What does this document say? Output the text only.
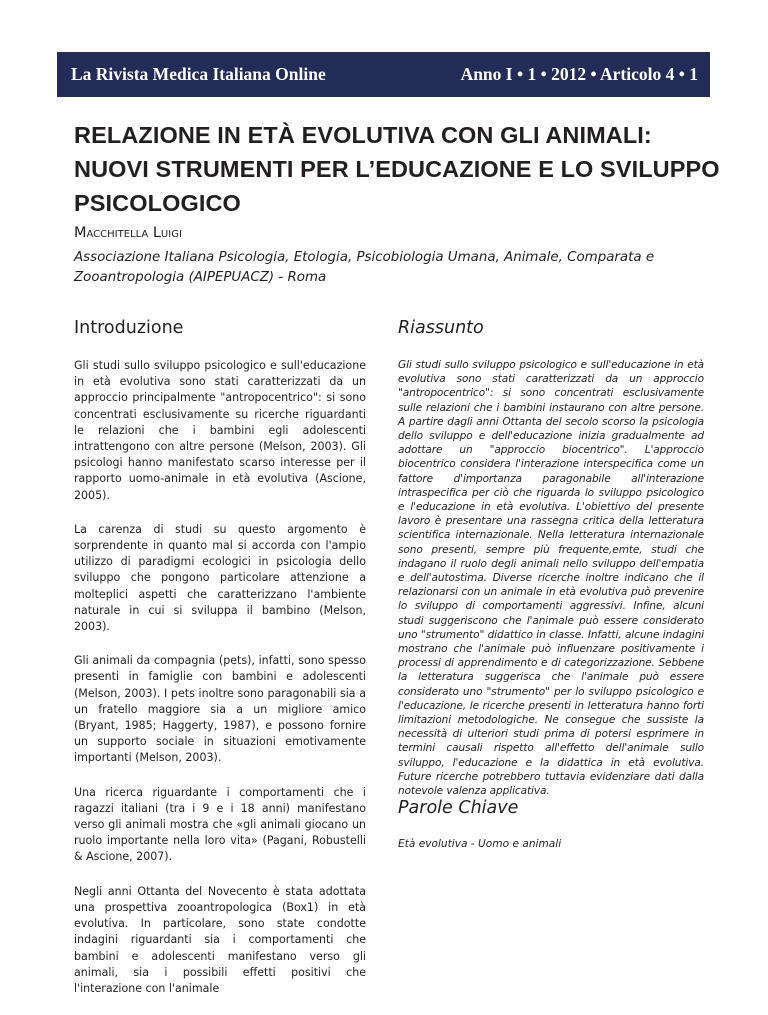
La Rivista Medica Italiana Online	Anno I • 1 • 2012 • Articolo 4 • 1
RELAZIONE IN ETÀ EVOLUTIVA CON GLI ANIMALI: NUOVI STRUMENTI PER L’EDUCAZIONE E LO SVILUPPO PSICOLOGICO
Macchitella Luigi
Associazione Italiana Psicologia, Etologia, Psicobiologia Umana, Animale, Comparata e Zooantropologia (AIPEPUACZ) - Roma
Introduzione

Gli studi sullo sviluppo psicologico e sull'educazione in età evolutiva sono stati caratterizzati da un approccio principalmente "antropocentrico": si sono concentrati esclusivamente su ricerche riguardanti le relazioni che i bambini egli adolescenti intrattengono con altre persone (Melson, 2003). Gli psicologi hanno manifestato scarso interesse per il rapporto uomo-animale in età evolutiva (Ascione, 2005).

La carenza di studi su questo argomento è sorprendente in quanto mal si accorda con l'ampio utilizzo di paradigmi ecologici in psicologia dello sviluppo che pongono particolare attenzione a molteplici aspetti che caratterizzano l'ambiente naturale in cui si sviluppa il bambino (Melson, 2003).

Gli animali da compagnia (pets), infatti, sono spesso presenti in famiglie con bambini e adolescenti (Melson, 2003). I pets inoltre sono paragonabili sia a un fratello maggiore sia a un migliore amico (Bryant, 1985; Haggerty, 1987), e possono fornire un supporto sociale in situazioni emotivamente importanti (Melson, 2003).

Una ricerca riguardante i comportamenti che i ragazzi italiani (tra i 9 e i 18 anni) manifestano verso gli animali mostra che «gli animali giocano un ruolo importante nella loro vita» (Pagani, Robustelli & Ascione, 2007).

Negli anni Ottanta del Novecento è stata adottata una prospettiva zooantropologica (Box1) in età evolutiva. In particolare, sono state condotte indagini riguardanti sia i comportamenti che bambini e adolescenti manifestano verso gli animali, sia i possibili effetti positivi che l'interazione con l'animale

Riassunto

Gli studi sullo sviluppo psicologico e sull'educazione in età evolutiva sono stati caratterizzati da un approccio "antropocentrico": si sono concentrati esclusivamente sulle relazioni che i bambini instaurano con altre persone. A partire dagli anni Ottanta del secolo scorso la psicologia dello sviluppo e dell'educazione inizia gradualmente ad adottare un "approccio biocentrico". L'approccio biocentrico considera l'interazione interspecifica come un fattore d'importanza paragonabile all'interazione intraspecifica per ciò che riguarda lo sviluppo psicologico e l'educazione in età evolutiva. L'obiettivo del presente lavoro è presentare una rassegna critica della letteratura scientifica internazionale. Nella letteratura internazionale sono presenti, sempre più frequente,emte, studi che indagano il ruolo degli animali nello sviluppo dell'empatia e dell'autostima. Diverse ricerche inoltre indicano che il relazionarsi con un animale in età evolutiva può prevenire lo sviluppo di comportamenti aggressivi. Infine, alcuni studi suggeriscono che l'animale può essere considerato uno "strumento" didattico in classe. Infatti, alcune indagini mostrano che l'animale può influenzare positivamente i processi di apprendimento e di categorizzazione. Sebbene la letteratura suggerisca che l'animale può essere considerato uno "strumento" per lo sviluppo psicologico e l'educazione, le ricerche presenti in letteratura hanno forti limitazioni metodologiche. Ne consegue che sussiste la necessità di ulteriori studi prima di potersi esprimere in termini causali rispetto all'effetto dell'animale sullo sviluppo, l'educazione e la didattica in età evolutiva. Future ricerche potrebbero tuttavia evidenziare dati dalla notevole valenza applicativa.

Parole Chiave
Età evolutiva - Uomo e animali
